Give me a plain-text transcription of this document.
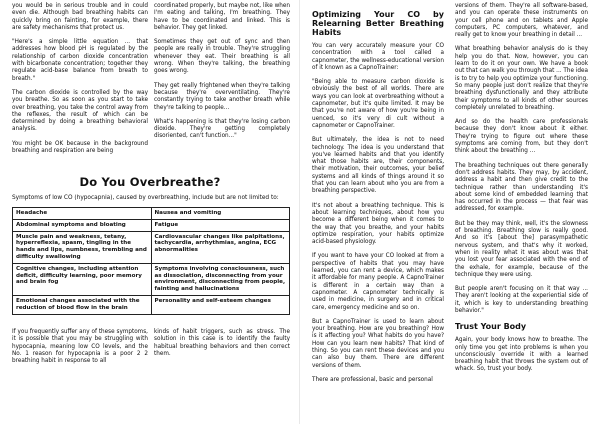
you would be in serious trouble and in could even die. Although bad breathing habits can quickly bring on fainting, for example, there are safety mechanisms that protect us.

"Here's a simple little equation ... that addresses how blood pH is regulated by the relationship of carbon dioxide concentration with bicarbonate concentration; together they regulate acid-base balance from breath to breath."

The carbon dioxide is controlled by the way you breathe. So as soon as you start to take over breathing, you take the control away from the reflexes, the result of which can be determined by doing a breathing behavioral analysis.

You might be OK because in the background breathing and respiration are being

coordinated properly, but maybe not, like when I'm eating and talking, I'm breathing. They have to be coordinated and linked. This is behavior. They get linked.

Sometimes they get out of sync and then people are really in trouble. They're struggling whenever they eat. Their breathing is all wrong. When they're talking, the breathing goes wrong.

They get really frightened when they're talking because they're overventilating. They're constantly trying to take another breath while they're talking to people...

What's happening is that they're losing carbon dioxide. They're getting completely disoriented, can't function..."

Do You Overbreathe?

Symptoms of low CO (hypocapnia), caused by overbreathing, include but are not limited to:

Headache	Nausea and vomiting
Abdominal symptoms and bloating	Fatigue
Muscle pain and weakness, tetany, hyperreflexia, spasm, tingling in the hands and lips, numbness, trembling and difficulty swallowing	Cardiovascular changes like palpitations, tachycardia, arrhythmias, angina, ECG abnormalities
Cognitive changes, including attention deficit, difficulty learning, poor memory and brain fog	Symptoms involving consciousness, such as dissociation, disconnecting from your environment, disconnecting from people, fainting and hallucinations
Emotional changes associated with the reduction of blood flow in the brain	Personality and self-esteem changes

If you frequently suffer any of these symptoms, it is possible that you may be struggling with hypocapnia, meaning low CO levels, and the No. 1 reason for hypocapnia is a poor 2 2 breathing habit in response to all

kinds of habit triggers, such as stress. The solution in this case is to identify the faulty habitual breathing behaviors and then correct them.

Optimizing Your CO by Relearning Better Breathing Habits

You can very accurately measure your CO concentration with a tool called a capnometer, the wellness-educational version of it known as a CapnoTrainer:

"Being able to measure carbon dioxide is obviously the best of all worlds. There are ways you can look at overbreathing without a capnometer, but it's quite limited. It may be that you're not aware of how you're being in uenced, so it's very di cult without a capnometer or CapnoTrainer.

But ultimately, the idea is not to need technology. The idea is you understand that you've learned habits and that you identify what those habits are, their components, their motivation, their outcomes, your belief systems and all kinds of things around it so that you can learn about who you are from a breathing perspective.

It's not about a breathing technique. This is about learning techniques, about how you become a different being when it comes to the way that you breathe, and your habits optimize respiration, your habits optimize acid-based physiology.

If you want to have your CO looked at from a perspective of habits that you may have learned, you can rent a device, which makes it affordable for many people. A CapnoTrainer is different in a certain way than a capnometer. A capnometer technically is used in medicine, in surgery and in critical care, emergency medicine and so on.

But a CapnoTrainer is used to learn about your breathing. How are you breathing? How is it affecting you? What habits do you have? How can you learn new habits? That kind of thing. So you can rent these devices and you can also buy them. There are different versions of them.

There are professional, basic and personal

versions of them. They're all software-based, and you can operate these instruments on your cell phone and on tablets and Apple computers, PC computers, whatever, and really get to know your breathing in detail ...

What breathing behavior analysis do is they help you do that. Now, however, you can learn to do it on your own. We have a book out that can walk you through that ... The idea is to try to help you optimize your functioning. So many people just don't realize that they're breathing dysfunctionally and they attribute their symptoms to all kinds of other sources completely unrelated to breathing.

And so do the health care professionals because they don't know about it either. They're trying to figure out where these symptoms are coming from, but they don't think about the breathing ...

The breathing techniques out there generally don't address habits. They may, by accident, address a habit and then give credit to the technique rather than understanding it's about some kind of embedded learning that has occurred in the process — that fear was addressed, for example.

But be they may think, well, it's the slowness of breathing. Breathing slow is really good. And so it's [about the] parasympathetic nervous system, and that's why it worked, when in reality what it was about was that you lost your fear associated with the end of the exhale, for example, because of the technique they were using.

But people aren't focusing on it that way ... They aren't looking at the experiential side of it, which is key to understanding breathing behavior."

Trust Your Body

Again, your body knows how to breathe. The only time you get into problems is when you unconsciously override it with a learned breathing habit that throws the system out of whack. So, trust your body.
